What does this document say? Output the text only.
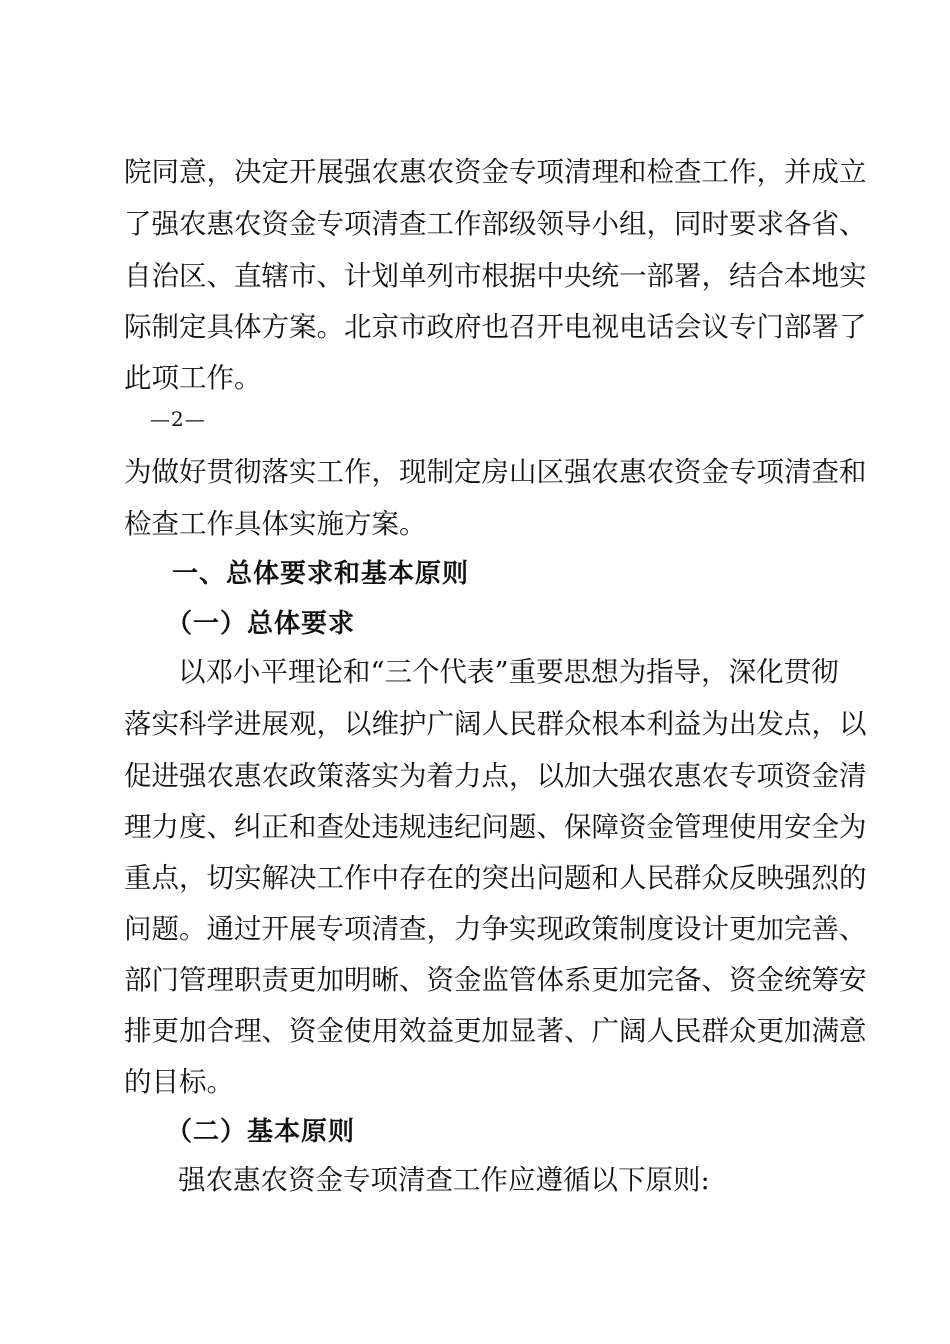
院同意，决定开展强农惠农资金专项清理和检查工作，并成立
了强农惠农资金专项清查工作部级领导小组，同时要求各省、
自治区、直辖市、计划单列市根据中央统一部署，结合本地实
际制定具体方案。北京市政府也召开电视电话会议专门部署了
此项工作。
—2—
为做好贯彻落实工作，现制定房山区强农惠农资金专项清查和
检查工作具体实施方案。
一、总体要求和基本原则
（一）总体要求
以邓小平理论和“三个代表”重要思想为指导，深化贯彻
落实科学进展观，以维护广阔人民群众根本利益为出发点，以
促进强农惠农政策落实为着力点，以加大强农惠农专项资金清
理力度、纠正和查处违规违纪问题、保障资金管理使用安全为
重点，切实解决工作中存在的突出问题和人民群众反映强烈的
问题。通过开展专项清查，力争实现政策制度设计更加完善、
部门管理职责更加明晰、资金监管体系更加完备、资金统筹安
排更加合理、资金使用效益更加显著、广阔人民群众更加满意
的目标。
（二）基本原则
强农惠农资金专项清查工作应遵循以下原则:
